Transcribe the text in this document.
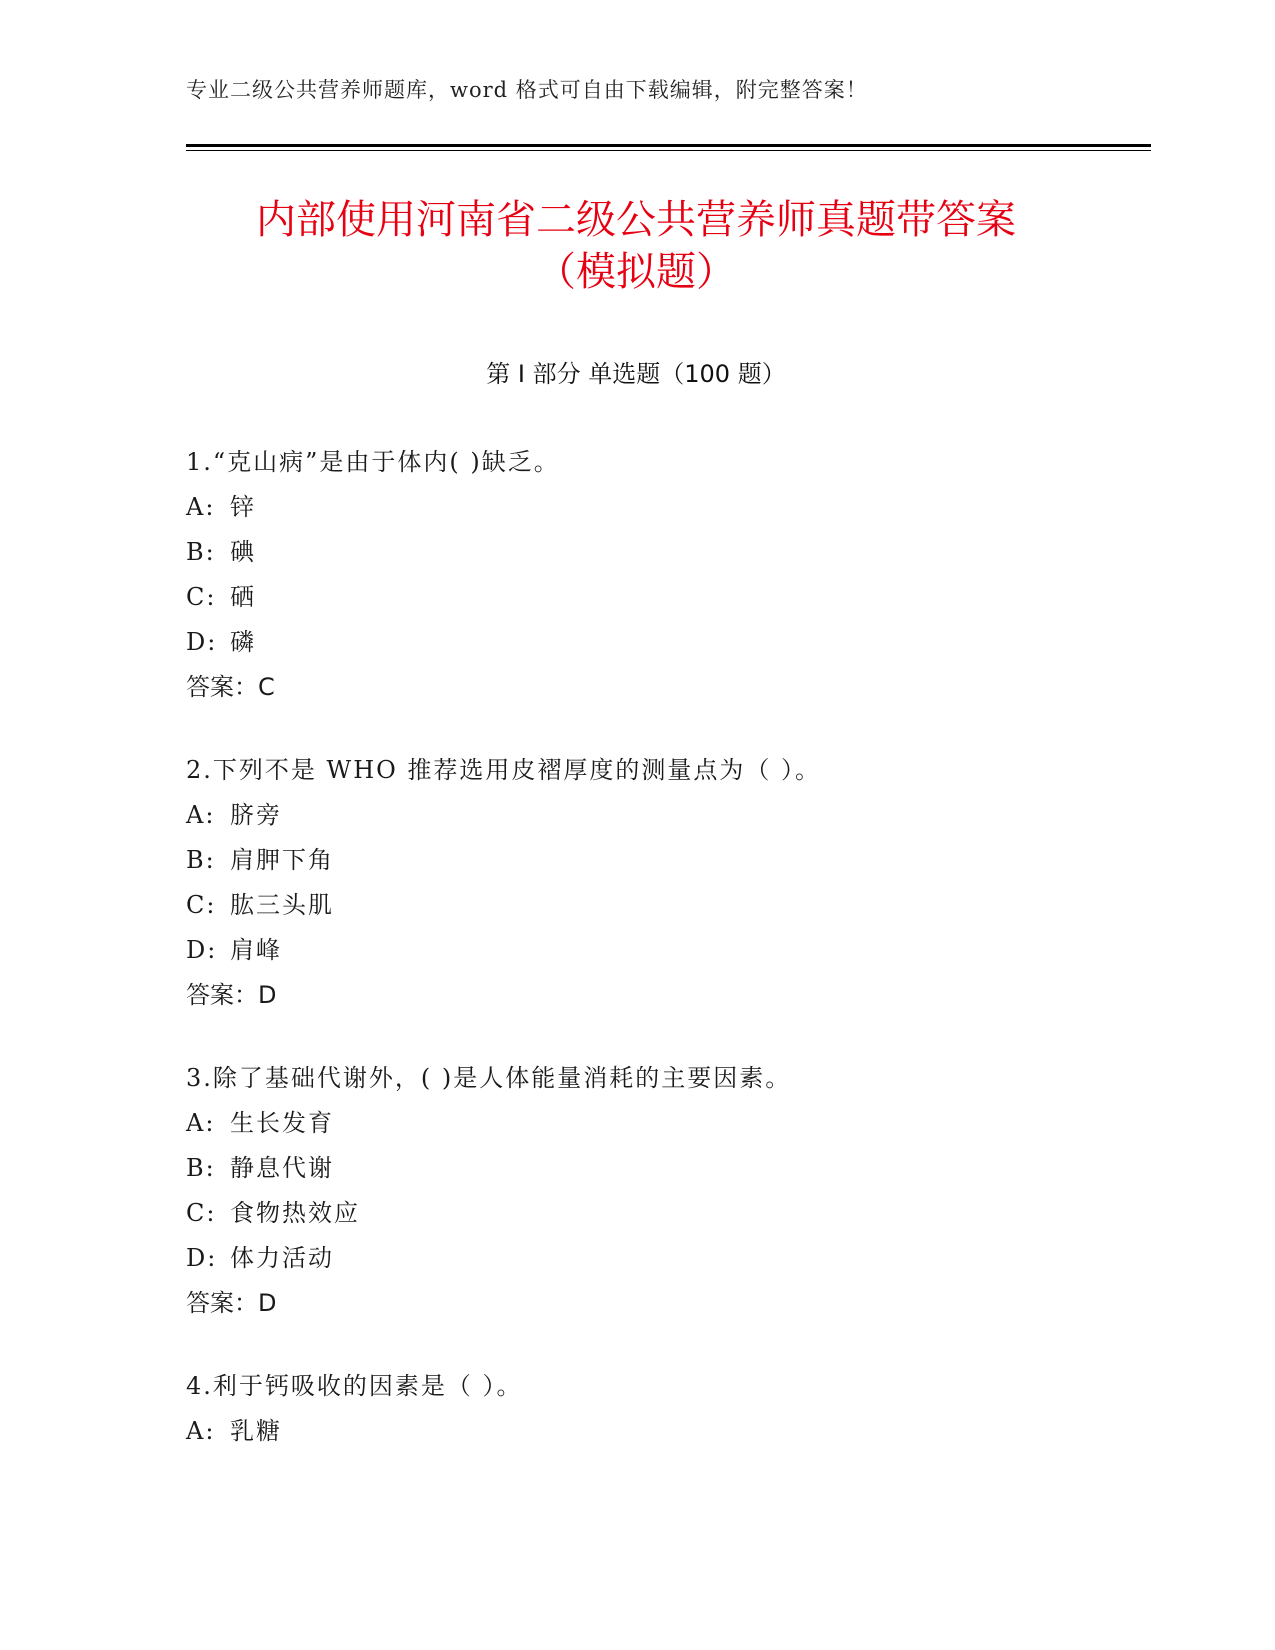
专业二级公共营养师题库，word 格式可自由下载编辑，附完整答案！
内部使用河南省二级公共营养师真题带答案
（模拟题）
第 I 部分 单选题（100 题）
1.“克山病”是由于体内( )缺乏。
A: 锌
B: 碘
C: 硒
D: 磷
答案：C
2.下列不是 WHO 推荐选用皮褶厚度的测量点为（ ）。
A: 脐旁
B: 肩胛下角
C: 肱三头肌
D: 肩峰
答案：D
3.除了基础代谢外，( )是人体能量消耗的主要因素。
A: 生长发育
B: 静息代谢
C: 食物热效应
D: 体力活动
答案：D
4.利于钙吸收的因素是（ ）。
A: 乳糖
